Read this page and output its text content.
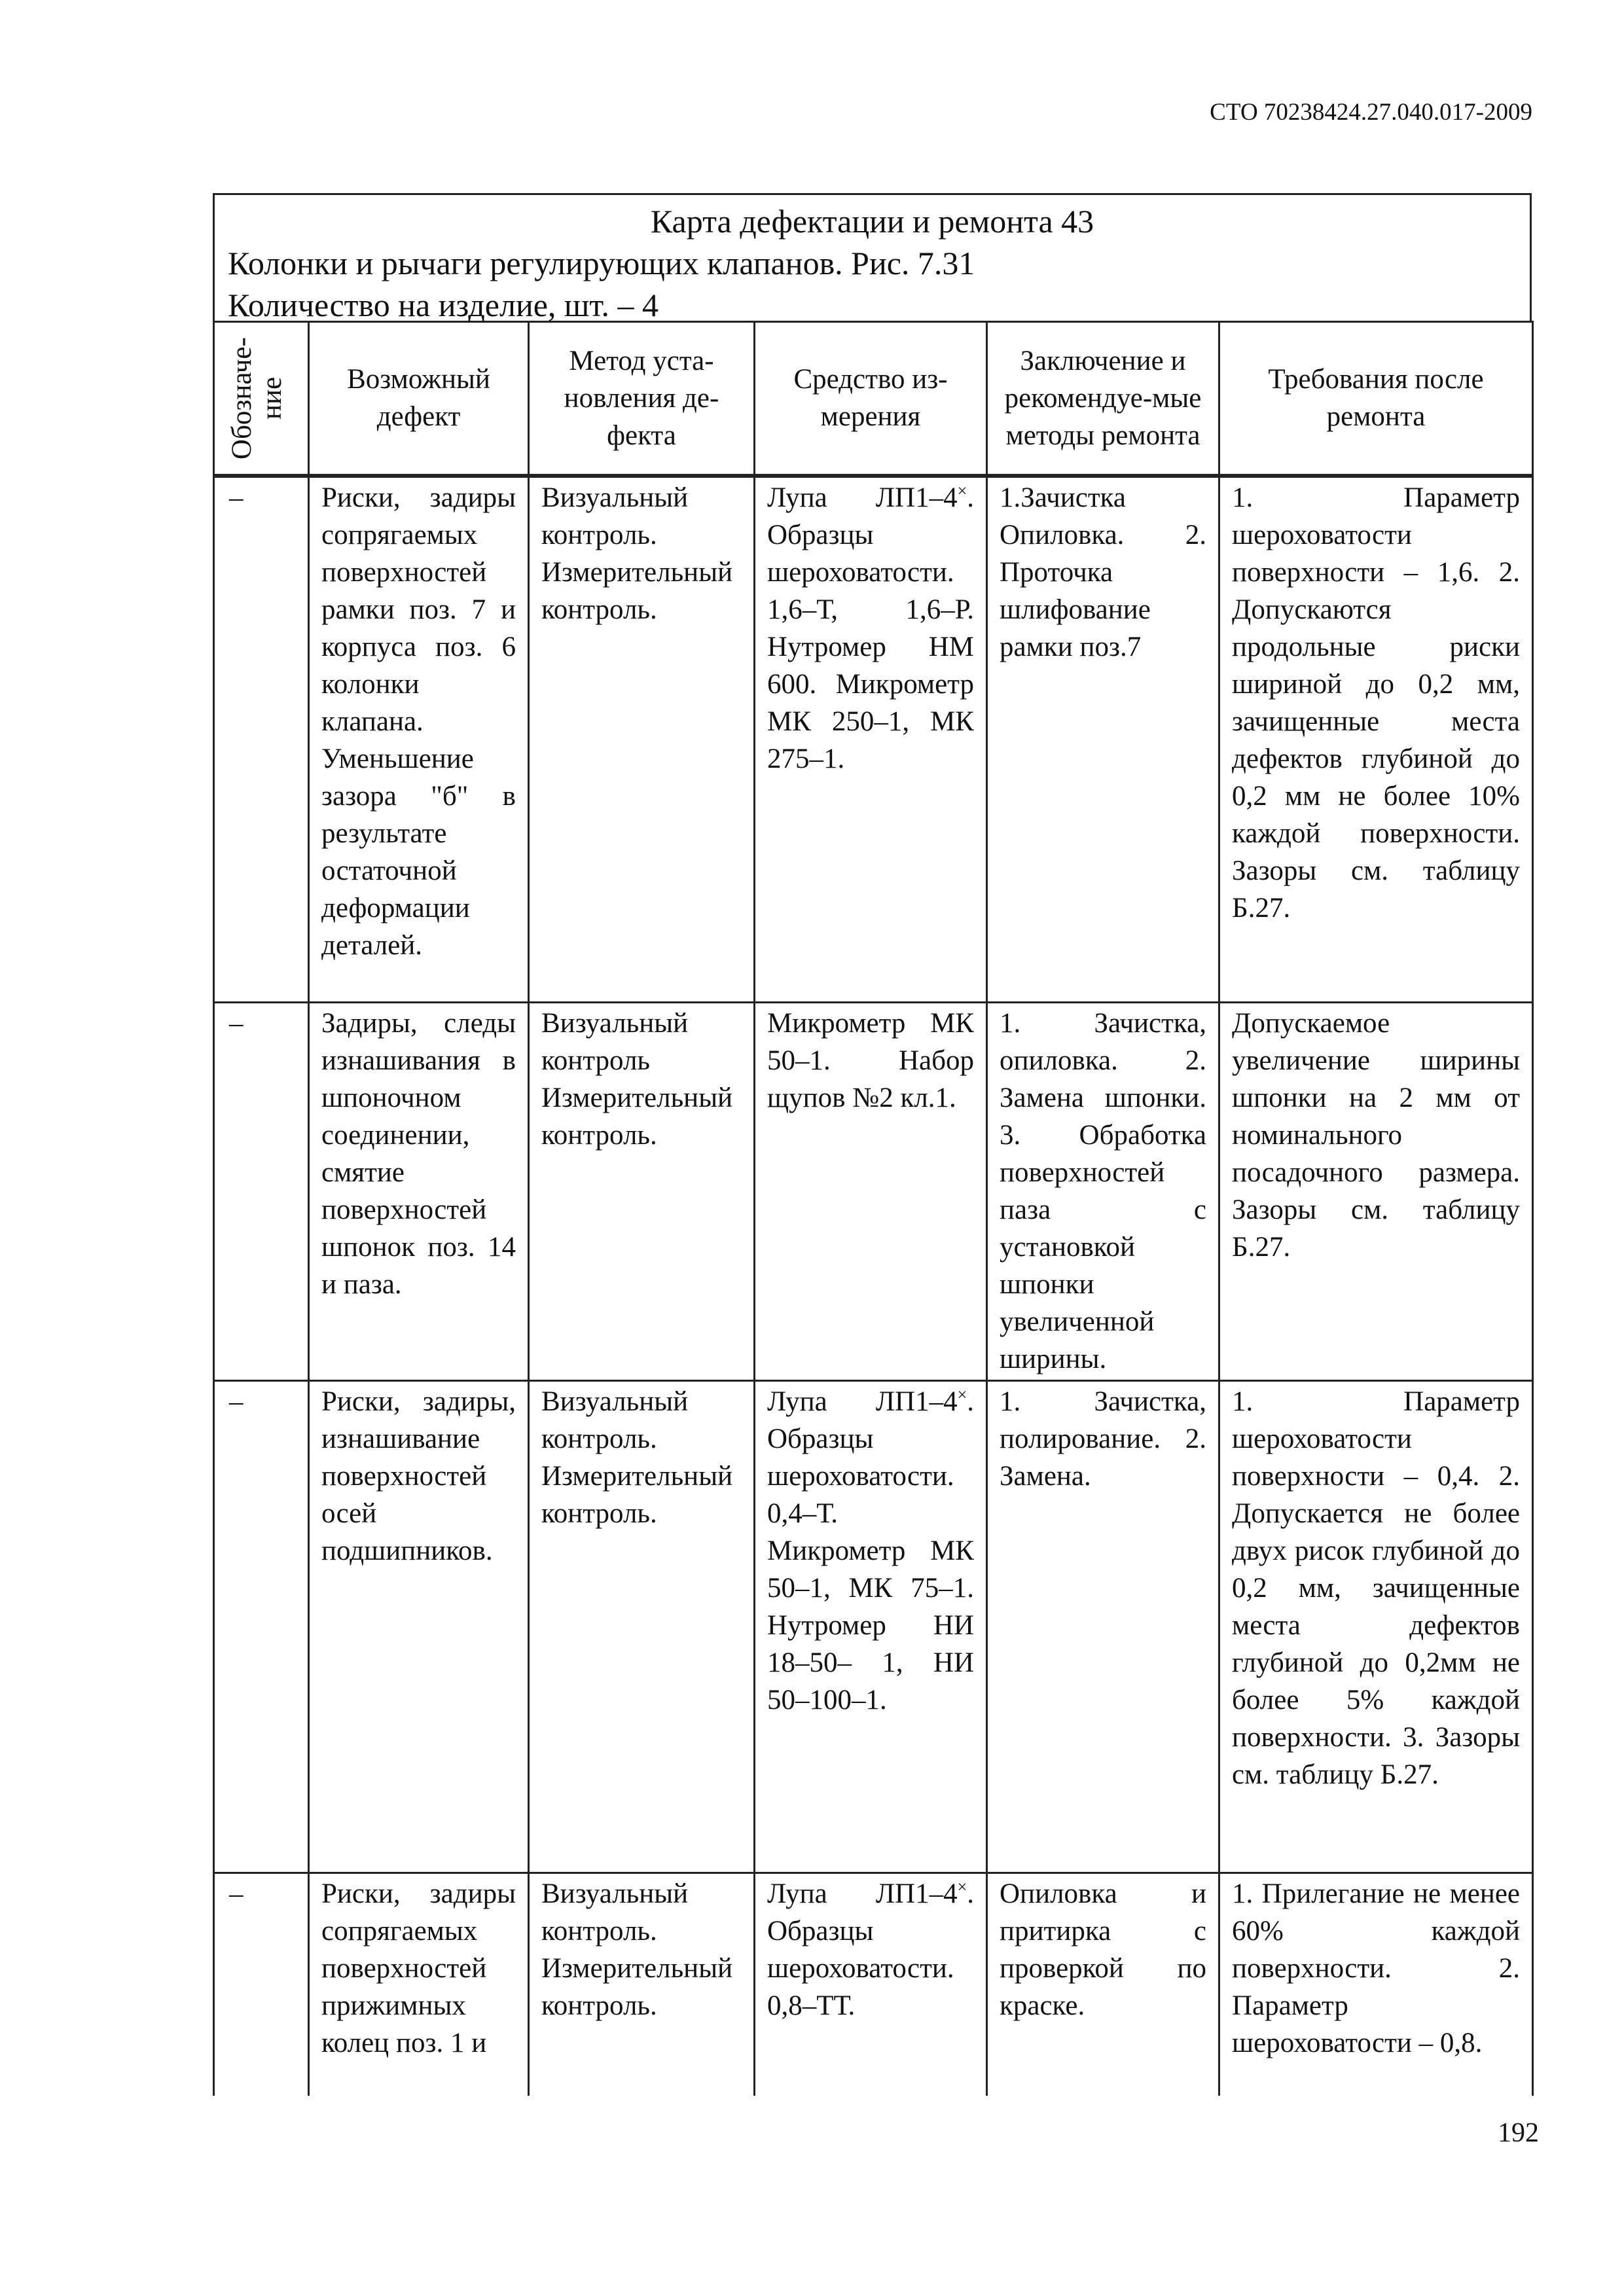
СТО 70238424.27.040.017-2009
Карта дефектации и ремонта 43
Колонки и рычаги регулирующих клапанов. Рис. 7.31
Количество на изделие, шт. – 4
Обозначе-ние	Возможный дефект	Метод уста-новления де-фекта	Средство из-мерения	Заключение и рекомендуе-мые методы ремонта	Требования после ремонта
–	Риски, задиры сопрягаемых поверхностей рамки поз. 7 и корпуса поз. 6 колонки клапана. Уменьшение зазора "б" в результате остаточной деформации деталей.	Визуальный контроль. Измерительный контроль.	Лупа ЛП1–4×. Образцы шероховатости. 1,6–Т, 1,6–Р. Нутромер НМ 600. Микрометр МК 250–1, МК 275–1.	1.Зачистка Опиловка. 2. Проточка шлифование рамки поз.7	1. Параметр шероховатости поверхности – 1,6. 2. Допускаются продольные риски шириной до 0,2 мм, зачищенные места дефектов глубиной до 0,2 мм не более 10% каждой поверхности. Зазоры см. таблицу Б.27.
–	Задиры, следы изнашивания в шпоночном соединении, смятие поверхностей шпонок поз. 14 и паза.	Визуальный контроль Измерительный контроль.	Микрометр МК 50–1. Набор щупов №2 кл.1.	1. Зачистка, опиловка. 2. Замена шпонки. 3. Обработка поверхностей паза с установкой шпонки увеличенной ширины.	Допускаемое увеличение ширины шпонки на 2 мм от номинального посадочного размера. Зазоры см. таблицу Б.27.
–	Риски, задиры, изнашивание поверхностей осей подшипников.	Визуальный контроль. Измерительный контроль.	Лупа ЛП1–4×. Образцы шероховатости. 0,4–Т. Микрометр МК 50–1, МК 75–1. Нутромер НИ 18–50– 1, НИ 50–100–1.	1. Зачистка, полирование. 2. Замена.	1. Параметр шероховатости поверхности – 0,4. 2. Допускается не более двух рисок глубиной до 0,2 мм, зачищенные места дефектов глубиной до 0,2мм не более 5% каждой поверхности. 3. Зазоры см. таблицу Б.27.
–	Риски, задиры сопрягаемых поверхностей прижимных колец поз. 1 и	Визуальный контроль. Измерительный контроль.	Лупа ЛП1–4×. Образцы шероховатости. 0,8–ТТ.	Опиловка и притирка с проверкой по краске.	1. Прилегание не менее 60% каждой поверхности. 2. Параметр шероховатости – 0,8.
192
